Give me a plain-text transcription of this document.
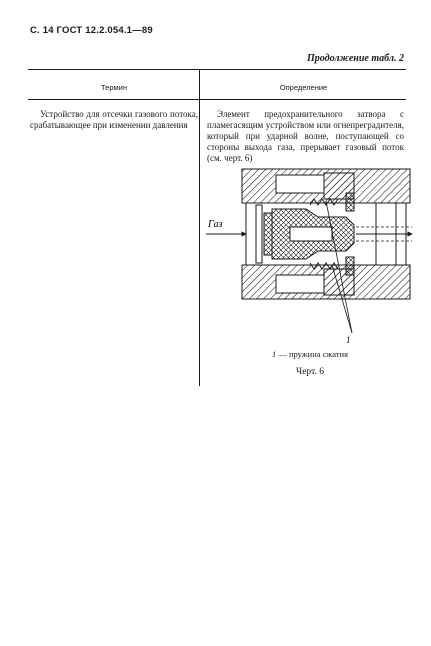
С. 14 ГОСТ 12.2.054.1—89
Продолжение табл. 2
Термин	Определение
Устройство для отсечки газового потока, срабатывающее при изменении давления
Элемент предохранительного затвора с пламегасящим устройством или огнепреградителя, который при ударной волне, поступающей со стороны выхода газа, прерывает газовый поток (см. черт. 6)
Газ
1
1 — пружина сжатия
Черт. 6
